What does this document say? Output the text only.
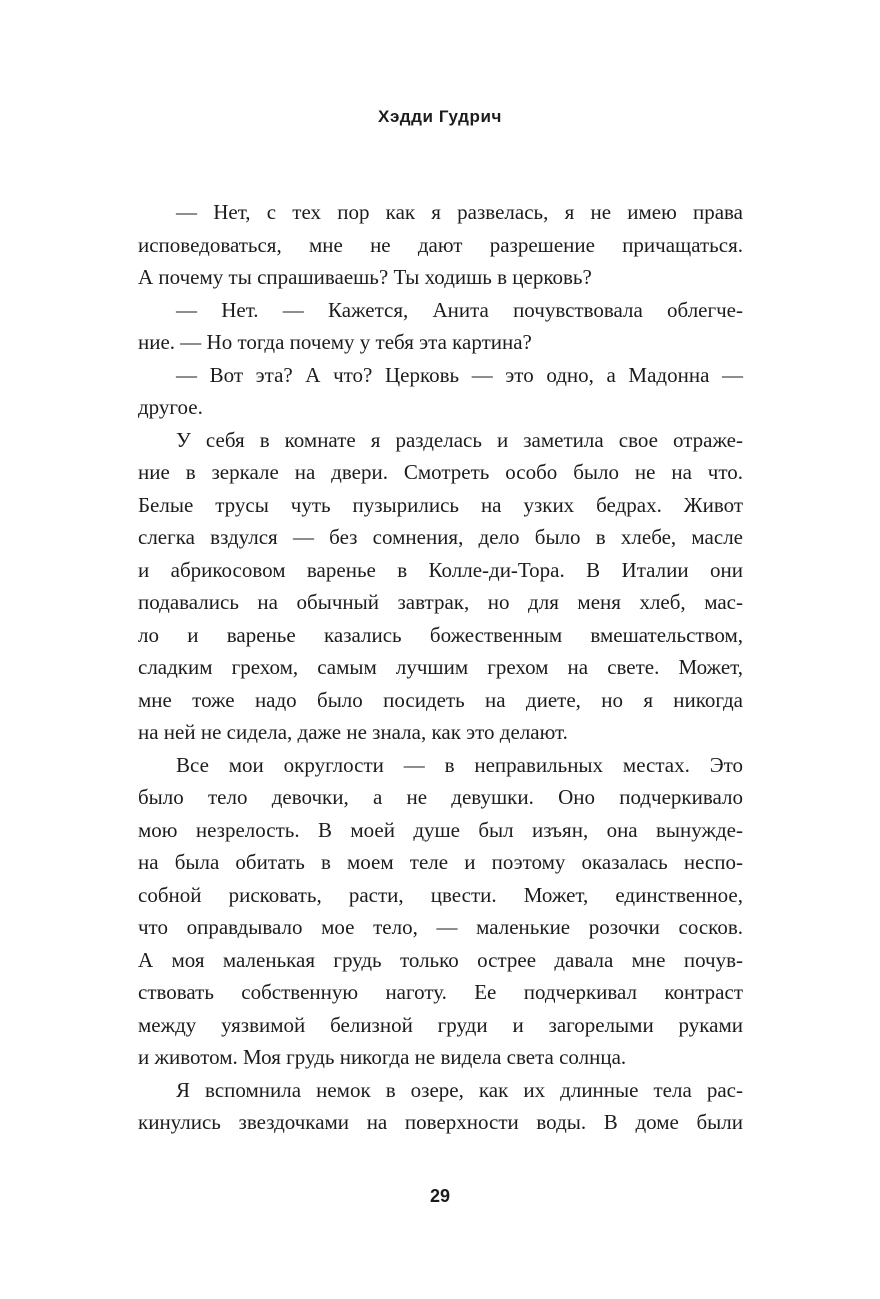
Хэдди Гудрич
— Нет, с тех пор как я развелась, я не имею права
исповедоваться, мне не дают разрешение причащаться.
А почему ты спрашиваешь? Ты ходишь в церковь?
— Нет. — Кажется, Анита почувствовала облегче-
ние. — Но тогда почему у тебя эта картина?
— Вот эта? А что? Церковь — это одно, а Мадонна —
другое.
У себя в комнате я разделась и заметила свое отраже-
ние в зеркале на двери. Смотреть особо было не на что.
Белые трусы чуть пузырились на узких бедрах. Живот
слегка вздулся — без сомнения, дело было в хлебе, масле
и абрикосовом варенье в Колле-ди-Тора. В Италии они
подавались на обычный завтрак, но для меня хлеб, мас-
ло и варенье казались божественным вмешательством,
сладким грехом, самым лучшим грехом на свете. Может,
мне тоже надо было посидеть на диете, но я никогда
на ней не сидела, даже не знала, как это делают.
Все мои округлости — в неправильных местах. Это
было тело девочки, а не девушки. Оно подчеркивало
мою незрелость. В моей душе был изъян, она вынужде-
на была обитать в моем теле и поэтому оказалась неспо-
собной рисковать, расти, цвести. Может, единственное,
что оправдывало мое тело, — маленькие розочки сосков.
А моя маленькая грудь только острее давала мне почув-
ствовать собственную наготу. Ее подчеркивал контраст
между уязвимой белизной груди и загорелыми руками
и животом. Моя грудь никогда не видела света солнца.
Я вспомнила немок в озере, как их длинные тела рас-
кинулись звездочками на поверхности воды. В доме были
29
